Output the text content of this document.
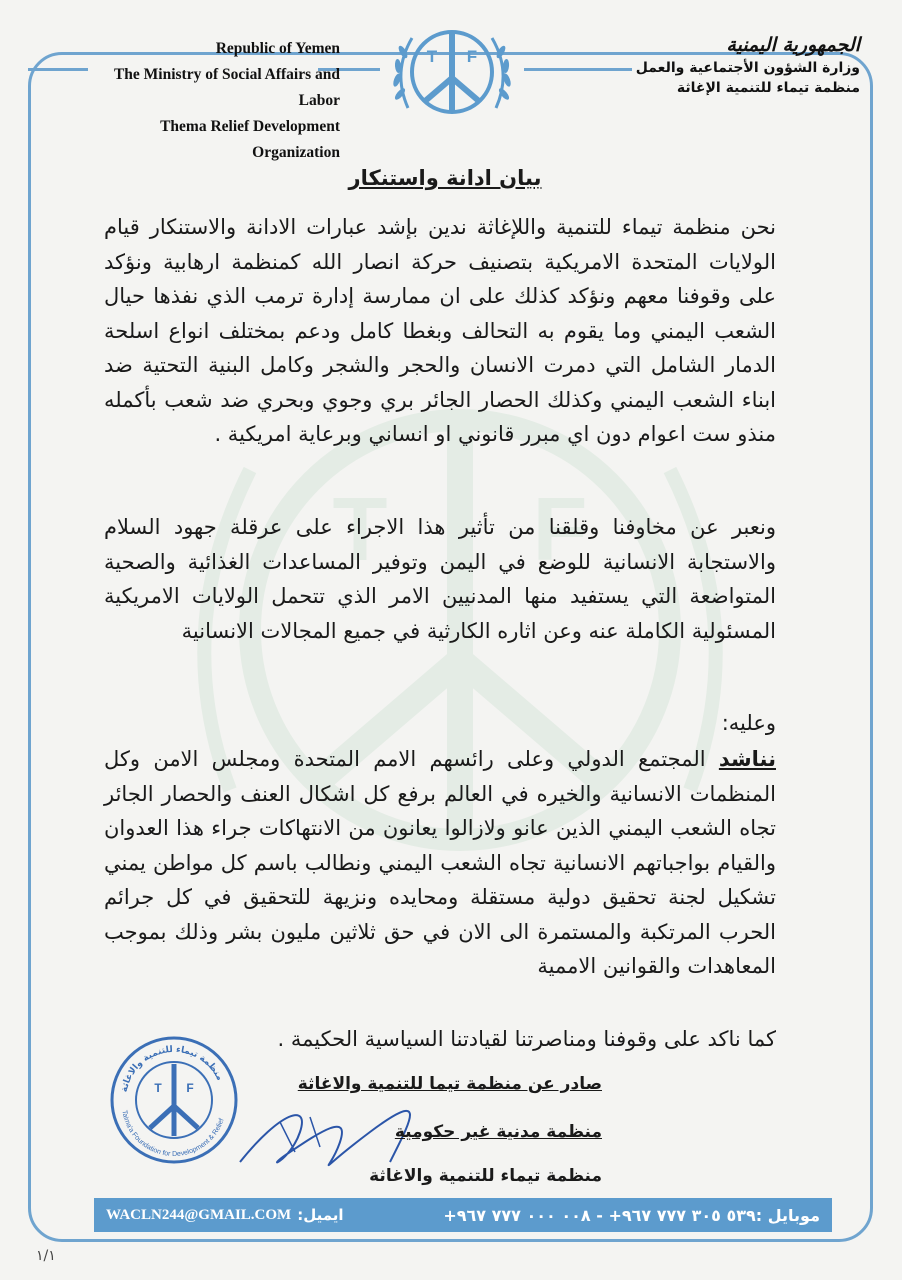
Republic of Yemen
The Ministry of Social Affairs and Labor
Thema Relief Development Organization
الجمهورية اليمنية
وزارة الشؤون الأجتماعية والعمل
منظمة تيماء للتنمية الإغاثة
T F
T F
بيان ادانة واستنكار
نحن منظمة تيماء للتنمية واللإغاثة ندين بإشد عبارات الادانة والاستنكار قيام الولايات المتحدة الامريكية بتصنيف حركة انصار الله كمنظمة ارهابية ونؤكد على وقوفنا معهم ونؤكد كذلك على ان ممارسة إدارة ترمب الذي نفذها حيال الشعب اليمني وما يقوم به التحالف وبغطا كامل ودعم بمختلف انواع اسلحة الدمار الشامل التي دمرت الانسان والحجر والشجر وكامل البنية التحتية ضد ابناء الشعب اليمني وكذلك الحصار الجائر بري وجوي وبحري ضد شعب بأكمله منذو ست اعوام دون اي مبرر قانوني او انساني وبرعاية امريكية .
ونعبر عن مخاوفنا وقلقنا من تأثير هذا الاجراء على عرقلة جهود السلام والاستجابة الانسانية للوضع في اليمن وتوفير المساعدات الغذائية والصحية المتواضعة التي يستفيد منها المدنيين الامر الذي تتحمل الولايات الامريكية المسئولية الكاملة عنه وعن اثاره الكارثية في جميع المجالات الانسانية
وعليه:
نناشد المجتمع الدولي وعلى رائسهم الامم المتحدة ومجلس الامن وكل المنظمات الانسانية والخيره في العالم برفع كل اشكال العنف والحصار الجائر تجاه الشعب اليمني الذين عانو ولازالوا يعانون من الانتهاكات جراء هذا العدوان والقيام بواجباتهم الانسانية تجاه الشعب اليمني ونطالب باسم كل مواطن يمني تشكيل لجنة تحقيق دولية مستقلة ومحايده ونزيهة للتحقيق في كل جرائم الحرب المرتكبة والمستمرة الى الان في حق ثلاثين مليون بشر وذلك بموجب المعاهدات والقوانين الاممية
كما ناكد على وقوفنا ومناصرتنا لقيادتنا السياسية الحكيمة .
منظمة تيماء للتنمية والاغاثة
Taima'a Foundation for Development & Relief
T F	صادر عن منظمة تيما للتنمية والاغاثة
منظمة مدنية غير حكومية
منظمة تيماء للتنمية والاغاثة
WACLN244@GMAIL.COM ايميل:	موبايل :٥٣٩ ٣٠٥ ٧٧٧ ٩٦٧+ - ٠٠٨ ٠٠٠ ٧٧٧ ٩٦٧+
١/١
